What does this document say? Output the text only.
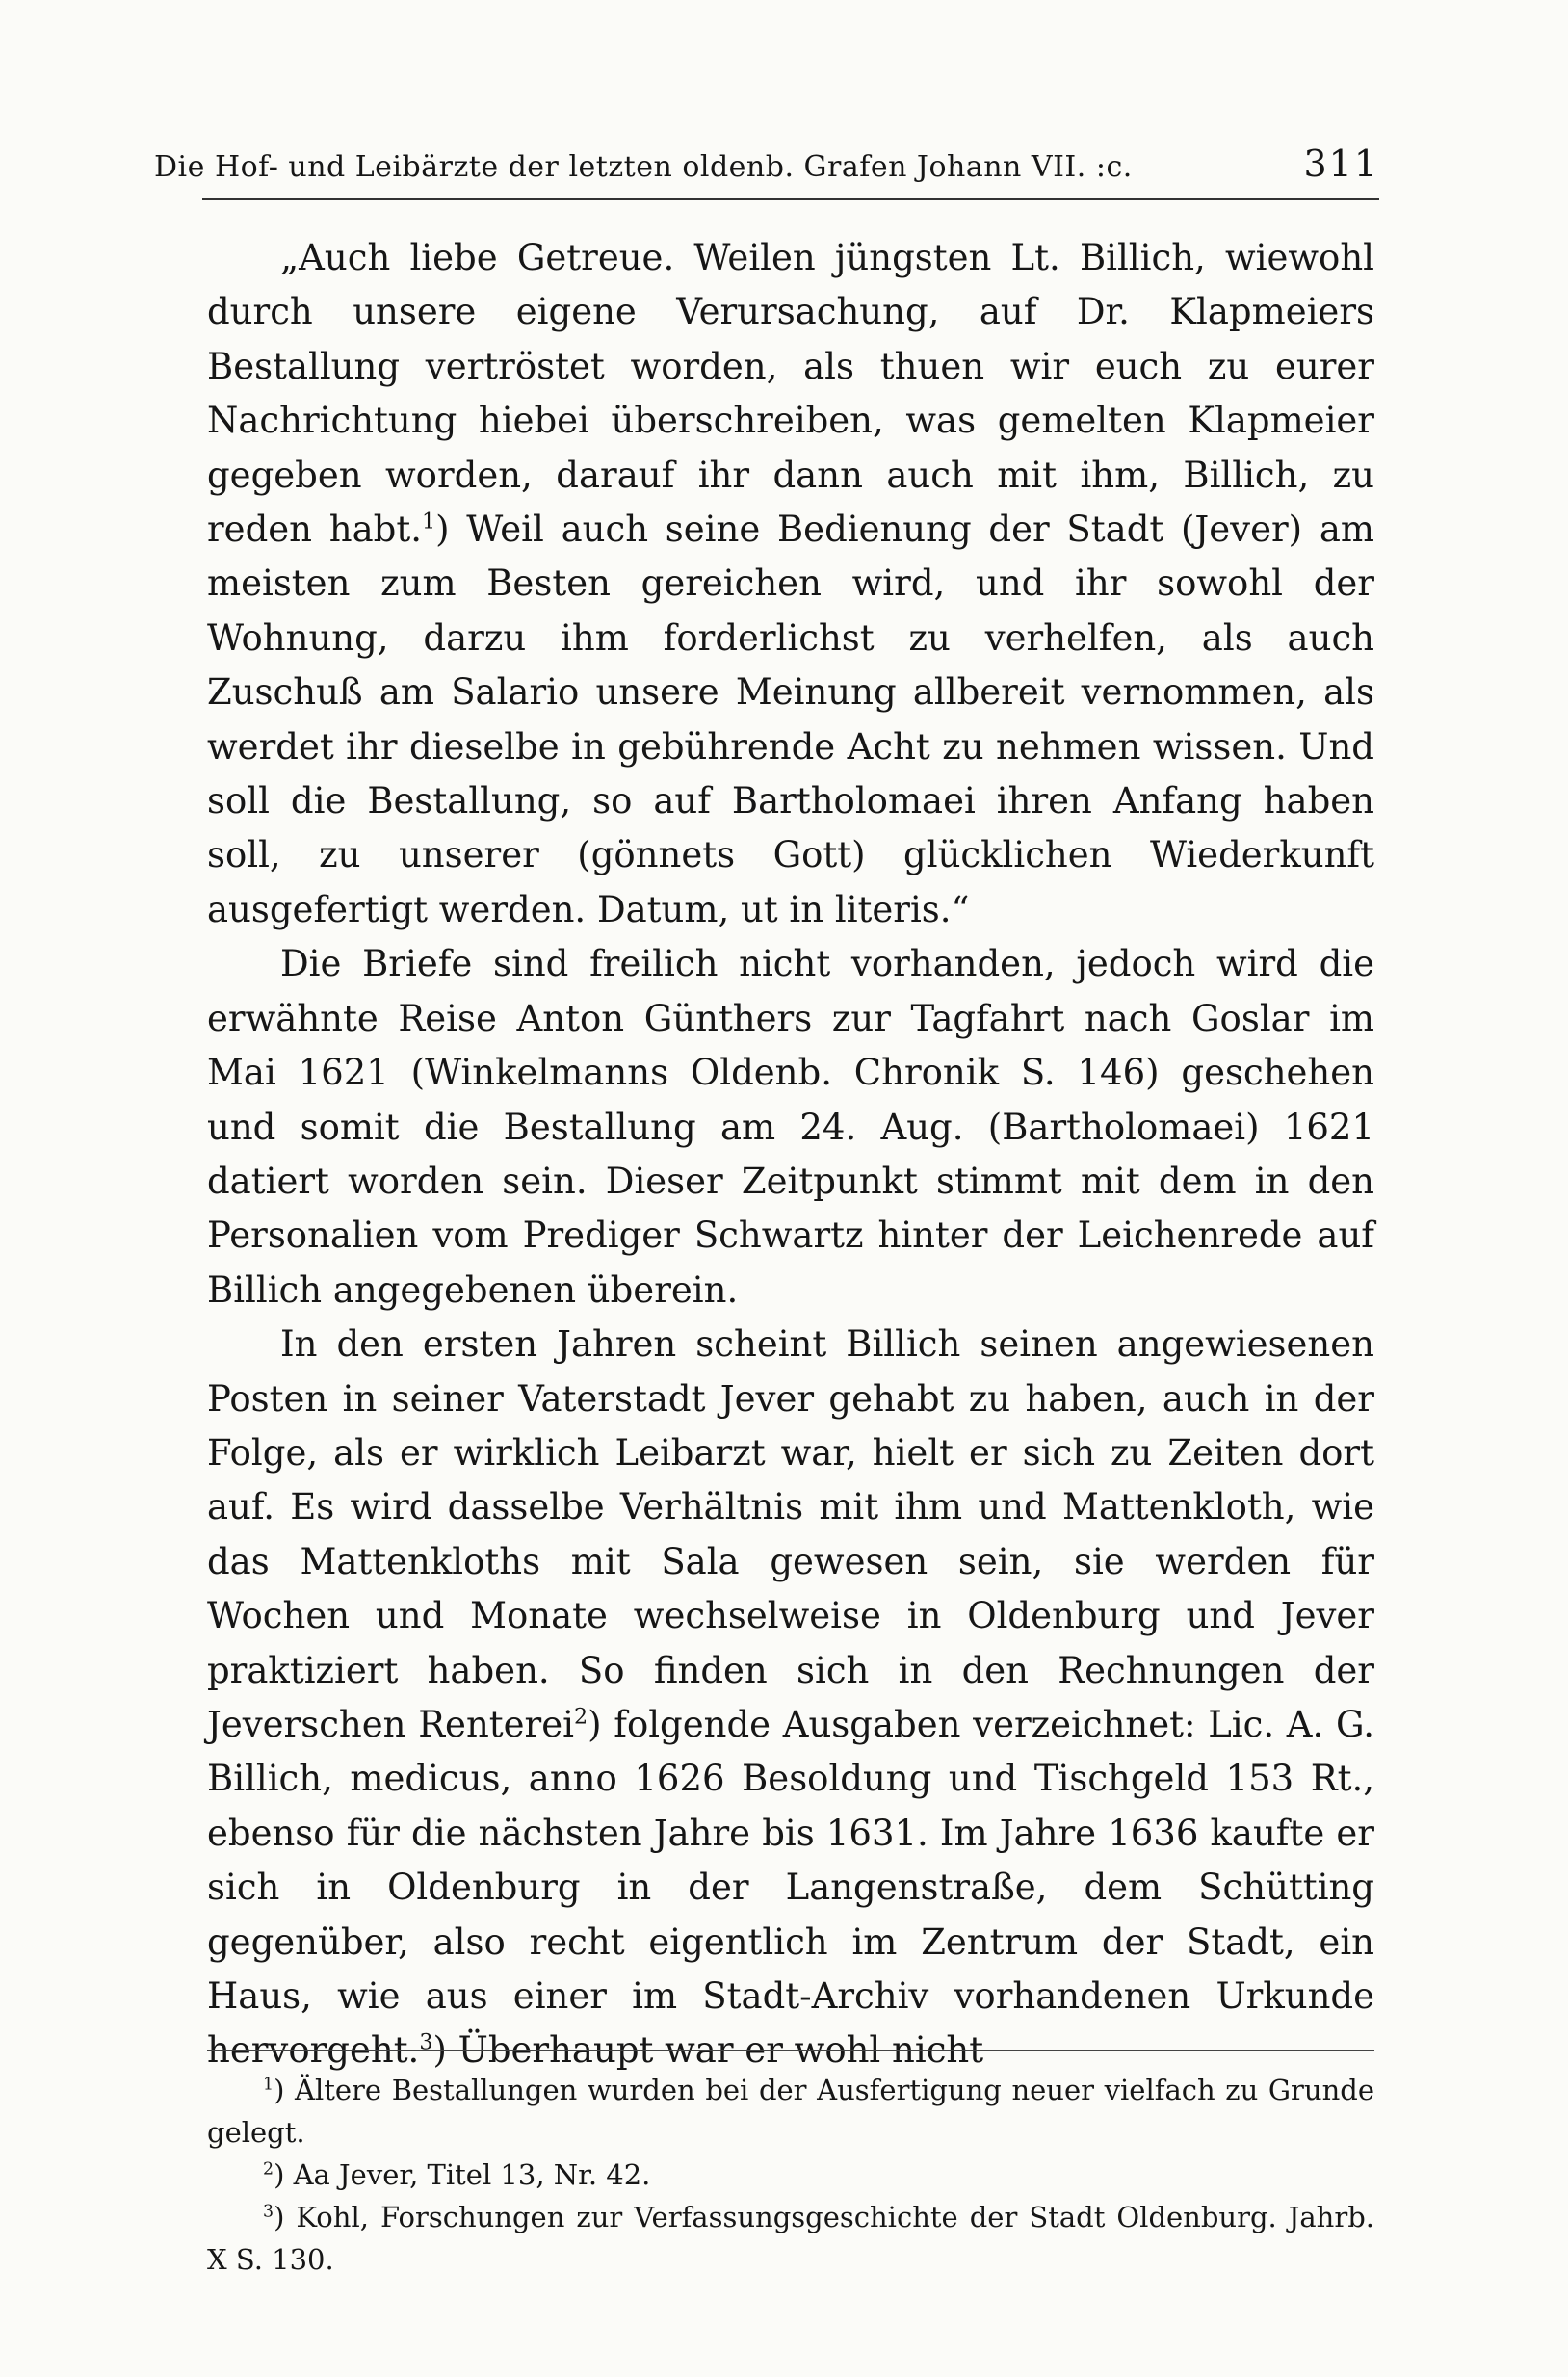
Die Hof- und Leibärzte der letzten oldenb. Grafen Johann VII. :c.	311

„Auch liebe Getreue. Weilen jüngsten Lt. Billich, wiewohl durch unsere eigene Verursachung, auf Dr. Klapmeiers Bestallung vertröstet worden, als thuen wir euch zu eurer Nachrichtung hiebei überschreiben, was gemelten Klapmeier gegeben worden, darauf ihr dann auch mit ihm, Billich, zu reden habt.$^1$) Weil auch seine Bedienung der Stadt (Jever) am meisten zum Besten gereichen wird, und ihr sowohl der Wohnung, darzu ihm forderlichst zu verhelfen, als auch Zuschuß am Salario unsere Meinung allbereit vernommen, als werdet ihr dieselbe in gebührende Acht zu nehmen wissen. Und soll die Bestallung, so auf Bartholomaei ihren Anfang haben soll, zu unserer (gönnets Gott) glücklichen Wiederkunft ausgefertigt werden. Datum, ut in literis.“

Die Briefe sind freilich nicht vorhanden, jedoch wird die erwähnte Reise Anton Günthers zur Tagfahrt nach Goslar im Mai 1621 (Winkelmanns Oldenb. Chronik S. 146) geschehen und somit die Bestallung am 24. Aug. (Bartholomaei) 1621 datiert worden sein. Dieser Zeitpunkt stimmt mit dem in den Personalien vom Prediger Schwartz hinter der Leichenrede auf Billich angegebenen überein.

In den ersten Jahren scheint Billich seinen angewiesenen Posten in seiner Vaterstadt Jever gehabt zu haben, auch in der Folge, als er wirklich Leibarzt war, hielt er sich zu Zeiten dort auf. Es wird dasselbe Verhältnis mit ihm und Mattenkloth, wie das Mattenkloths mit Sala gewesen sein, sie werden für Wochen und Monate wechselweise in Oldenburg und Jever praktiziert haben. So finden sich in den Rechnungen der Jeverschen Renterei$^2$) folgende Ausgaben verzeichnet: Lic. A. G. Billich, medicus, anno 1626 Besoldung und Tischgeld 153 Rt., ebenso für die nächsten Jahre bis 1631. Im Jahre 1636 kaufte er sich in Oldenburg in der Langenstraße, dem Schütting gegenüber, also recht eigentlich im Zentrum der Stadt, ein Haus, wie aus einer im Stadt-Archiv vorhandenen Urkunde hervorgeht.$^3$) Überhaupt war er wohl nicht

$^1$) Ältere Bestallungen wurden bei der Ausfertigung neuer vielfach zu Grunde gelegt.

$^2$) Aa Jever, Titel 13, Nr. 42.

$^3$) Kohl, Forschungen zur Verfassungsgeschichte der Stadt Oldenburg. Jahrb. X S. 130.
